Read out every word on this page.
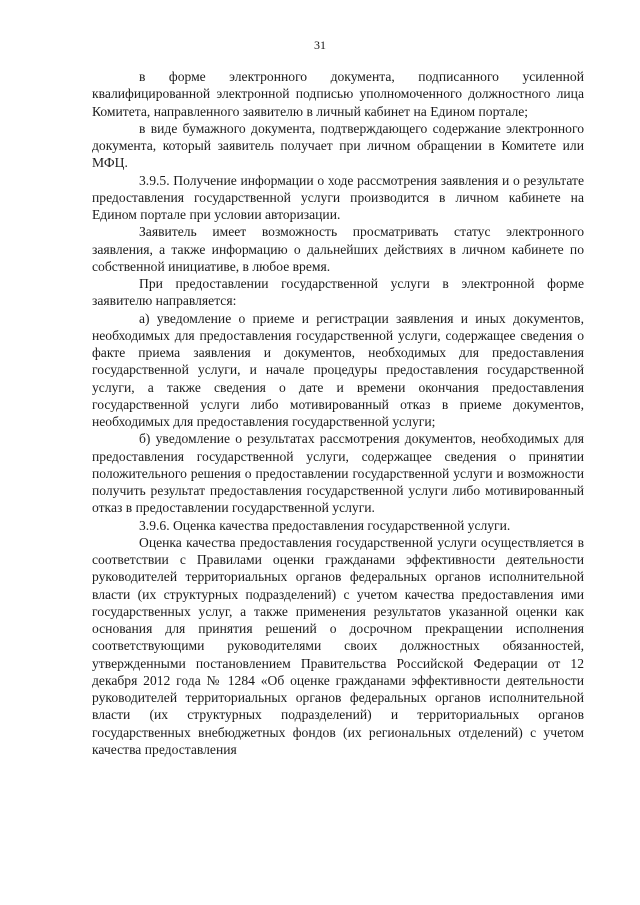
31

в форме электронного документа, подписанного усиленной квалифицированной электронной подписью уполномоченного должностного лица Комитета, направленного заявителю в личный кабинет на Едином портале;

в виде бумажного документа, подтверждающего содержание электронного документа, который заявитель получает при личном обращении в Комитете или МФЦ.

3.9.5. Получение информации о ходе рассмотрения заявления и о результате предоставления государственной услуги производится в личном кабинете на Едином портале при условии авторизации.

Заявитель имеет возможность просматривать статус электронного заявления, а также информацию о дальнейших действиях в личном кабинете по собственной инициативе, в любое время.

При предоставлении государственной услуги в электронной форме заявителю направляется:

а) уведомление о приеме и регистрации заявления и иных документов, необходимых для предоставления государственной услуги, содержащее сведения о факте приема заявления и документов, необходимых для предоставления государственной услуги, и начале процедуры предоставления государственной услуги, а также сведения о дате и времени окончания предоставления государственной услуги либо мотивированный отказ в приеме документов, необходимых для предоставления государственной услуги;

б) уведомление о результатах рассмотрения документов, необходимых для предоставления государственной услуги, содержащее сведения о принятии положительного решения о предоставлении государственной услуги и возможности получить результат предоставления государственной услуги либо мотивированный отказ в предоставлении государственной услуги.

3.9.6. Оценка качества предоставления государственной услуги.

Оценка качества предоставления государственной услуги осуществляется в соответствии с Правилами оценки гражданами эффективности деятельности руководителей территориальных органов федеральных органов исполнительной власти (их структурных подразделений) с учетом качества предоставления ими государственных услуг, а также применения результатов указанной оценки как основания для принятия решений о досрочном прекращении исполнения соответствующими руководителями своих должностных обязанностей, утвержденными постановлением Правительства Российской Федерации от 12 декабря 2012 года № 1284 «Об оценке гражданами эффективности деятельности руководителей территориальных органов федеральных органов исполнительной власти (их структурных подразделений) и территориальных органов государственных внебюджетных фондов (их региональных отделений) с учетом качества предоставления
